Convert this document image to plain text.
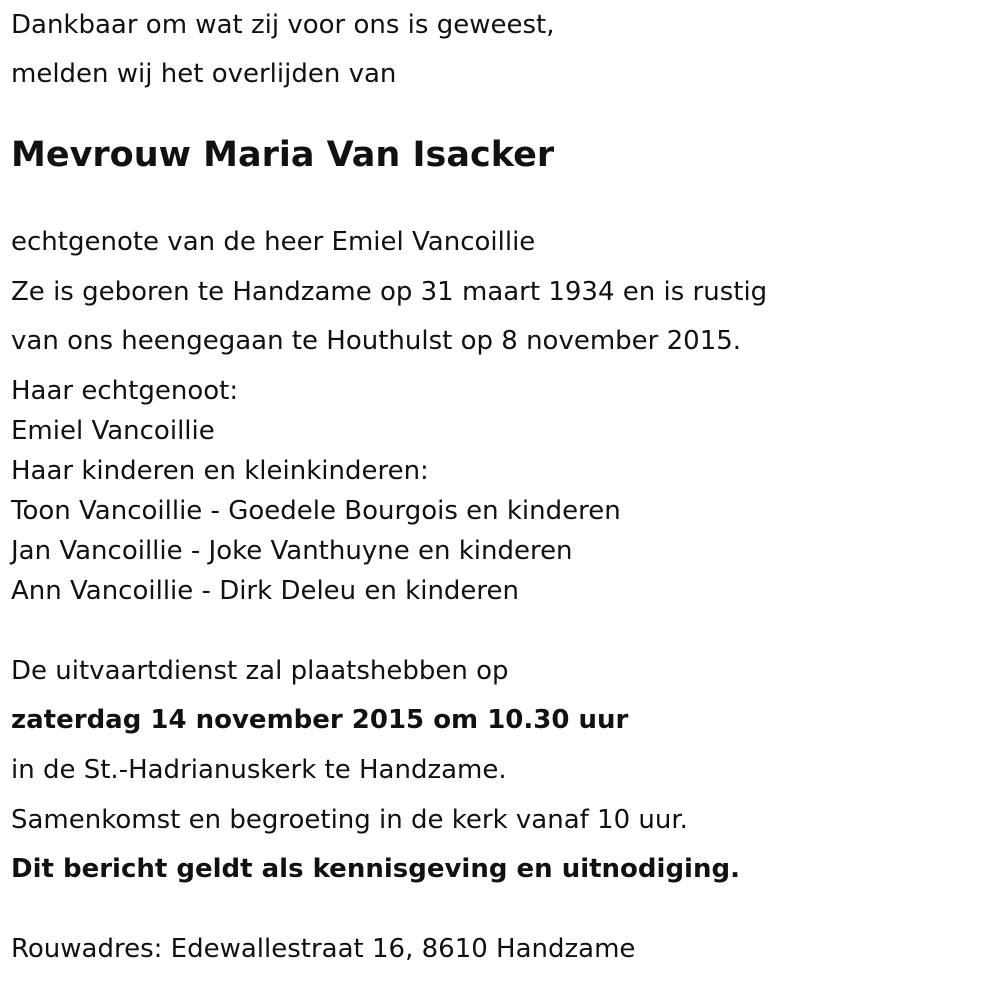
Dankbaar om wat zij voor ons is geweest,
melden wij het overlijden van
Mevrouw Maria Van Isacker
echtgenote van de heer Emiel Vancoillie
Ze is geboren te Handzame op 31 maart 1934 en is rustig
van ons heengegaan te Houthulst op 8 november 2015.
Haar echtgenoot:
Emiel Vancoillie
Haar kinderen en kleinkinderen:
Toon Vancoillie - Goedele Bourgois en kinderen
Jan Vancoillie - Joke Vanthuyne en kinderen
Ann Vancoillie - Dirk Deleu en kinderen
De uitvaartdienst zal plaatshebben op
zaterdag 14 november 2015 om 10.30 uur
in de St.-Hadrianuskerk te Handzame.
Samenkomst en begroeting in de kerk vanaf 10 uur.
Dit bericht geldt als kennisgeving en uitnodiging.
Rouwadres: Edewallestraat 16, 8610 Handzame
